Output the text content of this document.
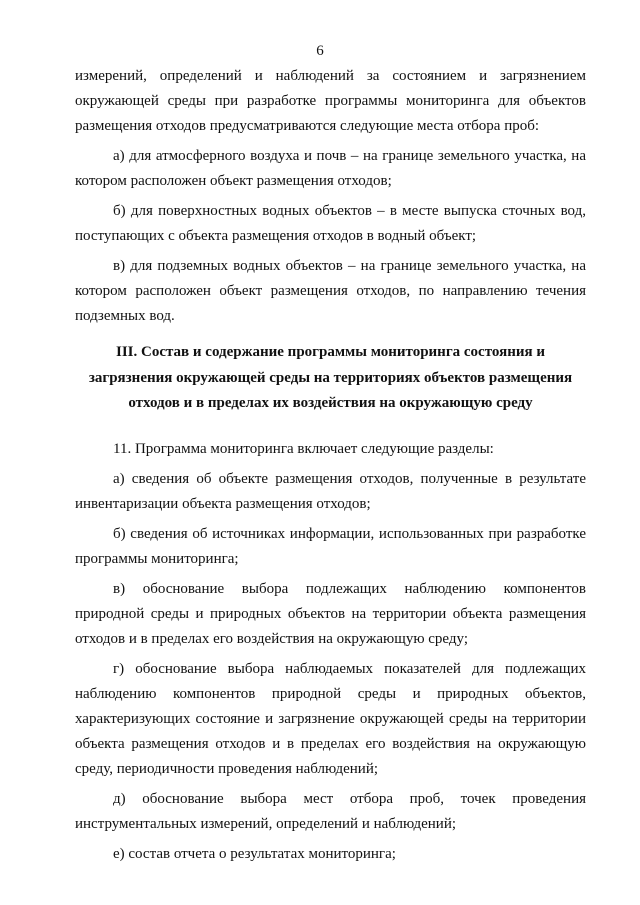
6

измерений, определений и наблюдений за состоянием и загрязнением окружающей среды при разработке программы мониторинга для объектов размещения отходов предусматриваются следующие места отбора проб:

а) для атмосферного воздуха и почв – на границе земельного участка, на котором расположен объект размещения отходов;

б) для поверхностных водных объектов – в месте выпуска сточных вод, поступающих с объекта размещения отходов в водный объект;

в) для подземных водных объектов – на границе земельного участка, на котором расположен объект размещения отходов, по направлению течения подземных вод.

III. Состав и содержание программы мониторинга состояния и загрязнения окружающей среды на территориях объектов размещения отходов и в пределах их воздействия на окружающую среду

11. Программа мониторинга включает следующие разделы:

а) сведения об объекте размещения отходов, полученные в результате инвентаризации объекта размещения отходов;

б) сведения об источниках информации, использованных при разработке программы мониторинга;

в) обоснование выбора подлежащих наблюдению компонентов природной среды и природных объектов на территории объекта размещения отходов и в пределах его воздействия на окружающую среду;

г) обоснование выбора наблюдаемых показателей для подлежащих наблюдению компонентов природной среды и природных объектов, характеризующих состояние и загрязнение окружающей среды на территории объекта размещения отходов и в пределах его воздействия на окружающую среду, периодичности проведения наблюдений;

д) обоснование выбора мест отбора проб, точек проведения инструментальных измерений, определений и наблюдений;

е) состав отчета о результатах мониторинга;
